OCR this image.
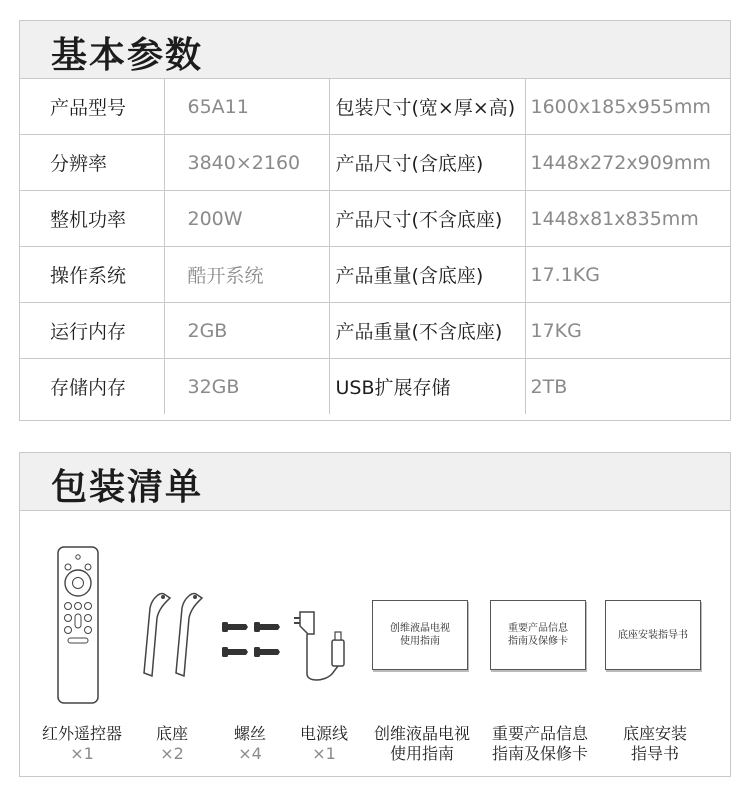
基本参数
产品型号	65A11	包装尺寸(宽×厚×高)	1600x185x955mm
分辨率	3840×2160	产品尺寸(含底座)	1448x272x909mm
整机功率	200W	产品尺寸(不含底座)	1448x81x835mm
操作系统	酷开系统	产品重量(含底座)	17.1KG
运行内存	2GB	产品重量(不含底座)	17KG
存储内存	32GB	USB扩展存储	2TB
包装清单
创维液晶电视
使用指南
重要产品信息
指南及保修卡
底座安装指导书
红外遥控器
×1
底座
×2
螺丝
×4
电源线
×1
创维液晶电视
使用指南
重要产品信息
指南及保修卡
底座安装
指导书
